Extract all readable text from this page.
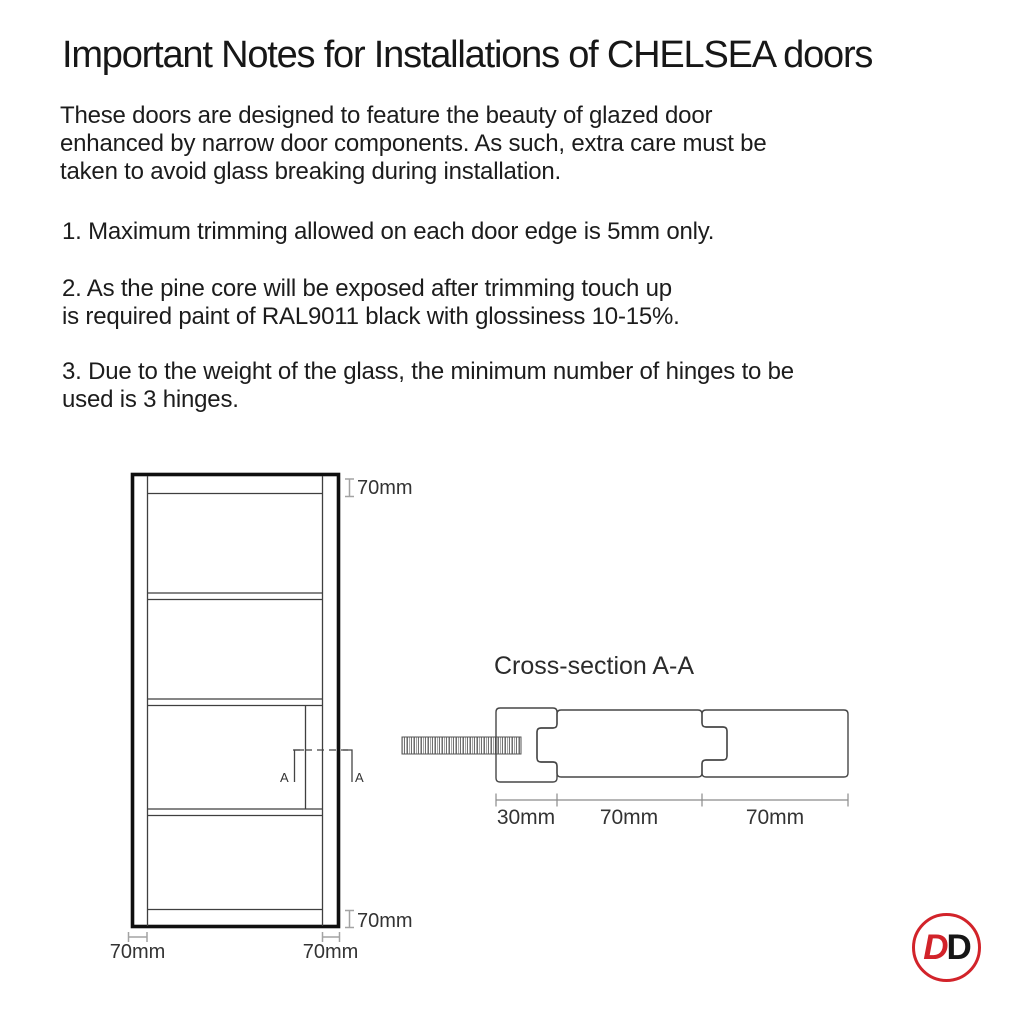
Important Notes for Installations of CHELSEA doors
These doors are designed to feature the beauty of glazed door
enhanced by narrow door components. As such, extra care must be
taken to avoid glass breaking during installation.
1. Maximum trimming allowed on each door edge is 5mm only.
2. As the pine core will be exposed after trimming touch up
is required paint of RAL9011 black with glossiness 10-15%.
3. Due to the weight of the glass, the minimum number of hinges to be
used is 3 hinges.
70mm
70mm
70mm	70mm
A	A
Cross-section A-A
30mm	70mm	70mm
D D
